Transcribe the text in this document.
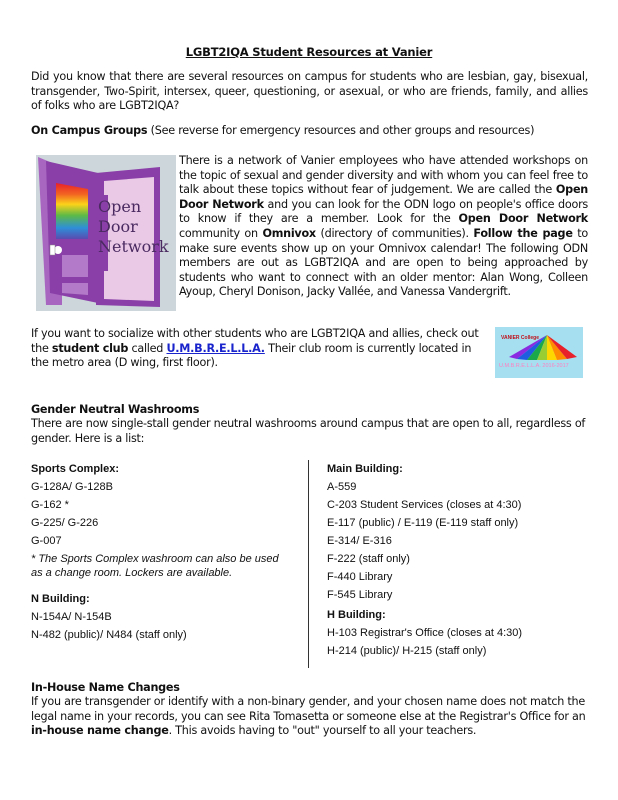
LGBT2IQA Student Resources at Vanier
Did you know that there are several resources on campus for students who are lesbian, gay, bisexual, transgender, Two-Spirit, intersex, queer, questioning, or asexual, or who are friends, family, and allies of folks who are LGBT2IQA?
On Campus Groups (See reverse for emergency resources and other groups and resources)
Open
Door
Network
There is a network of Vanier employees who have attended workshops on the topic of sexual and gender diversity and with whom you can feel free to talk about these topics without fear of judgement. We are called the Open Door Network and you can look for the ODN logo on people's office doors to know if they are a member. Look for the Open Door Network community on Omnivox (directory of communities). Follow the page to make sure events show up on your Omnivox calendar! The following ODN members are out as LGBT2IQA and are open to being approached by students who want to connect with an older mentor: Alan Wong, Colleen Ayoup, Cheryl Donison, Jacky Vallée, and Vanessa Vandergrift.
If you want to socialize with other students who are LGBT2IQA and allies, check out the student club called U.M.B.R.E.L.L.A. Their club room is currently located in the metro area (D wing, first floor).
VANIER College
U.M.B.R.E.L.L.A. 2016-2017
Gender Neutral Washrooms
There are now single-stall gender neutral washrooms around campus that are open to all, regardless of gender. Here is a list:
Sports Complex:
G-128A/ G-128B
G-162 *
G-225/ G-226
G-007
* The Sports Complex washroom can also be used as a change room. Lockers are available.
N Building:
N-154A/ N-154B
N-482 (public)/ N484 (staff only)
Main Building:
A-559
C-203 Student Services (closes at 4:30)
E-117 (public) / E-119 (E-119 staff only)
E-314/ E-316
F-222 (staff only)
F-440 Library
F-545 Library
H Building:
H-103 Registrar's Office (closes at 4:30)
H-214 (public)/ H-215 (staff only)
In-House Name Changes
If you are transgender or identify with a non-binary gender, and your chosen name does not match the legal name in your records, you can see Rita Tomasetta or someone else at the Registrar's Office for an in-house name change. This avoids having to "out" yourself to all your teachers.
